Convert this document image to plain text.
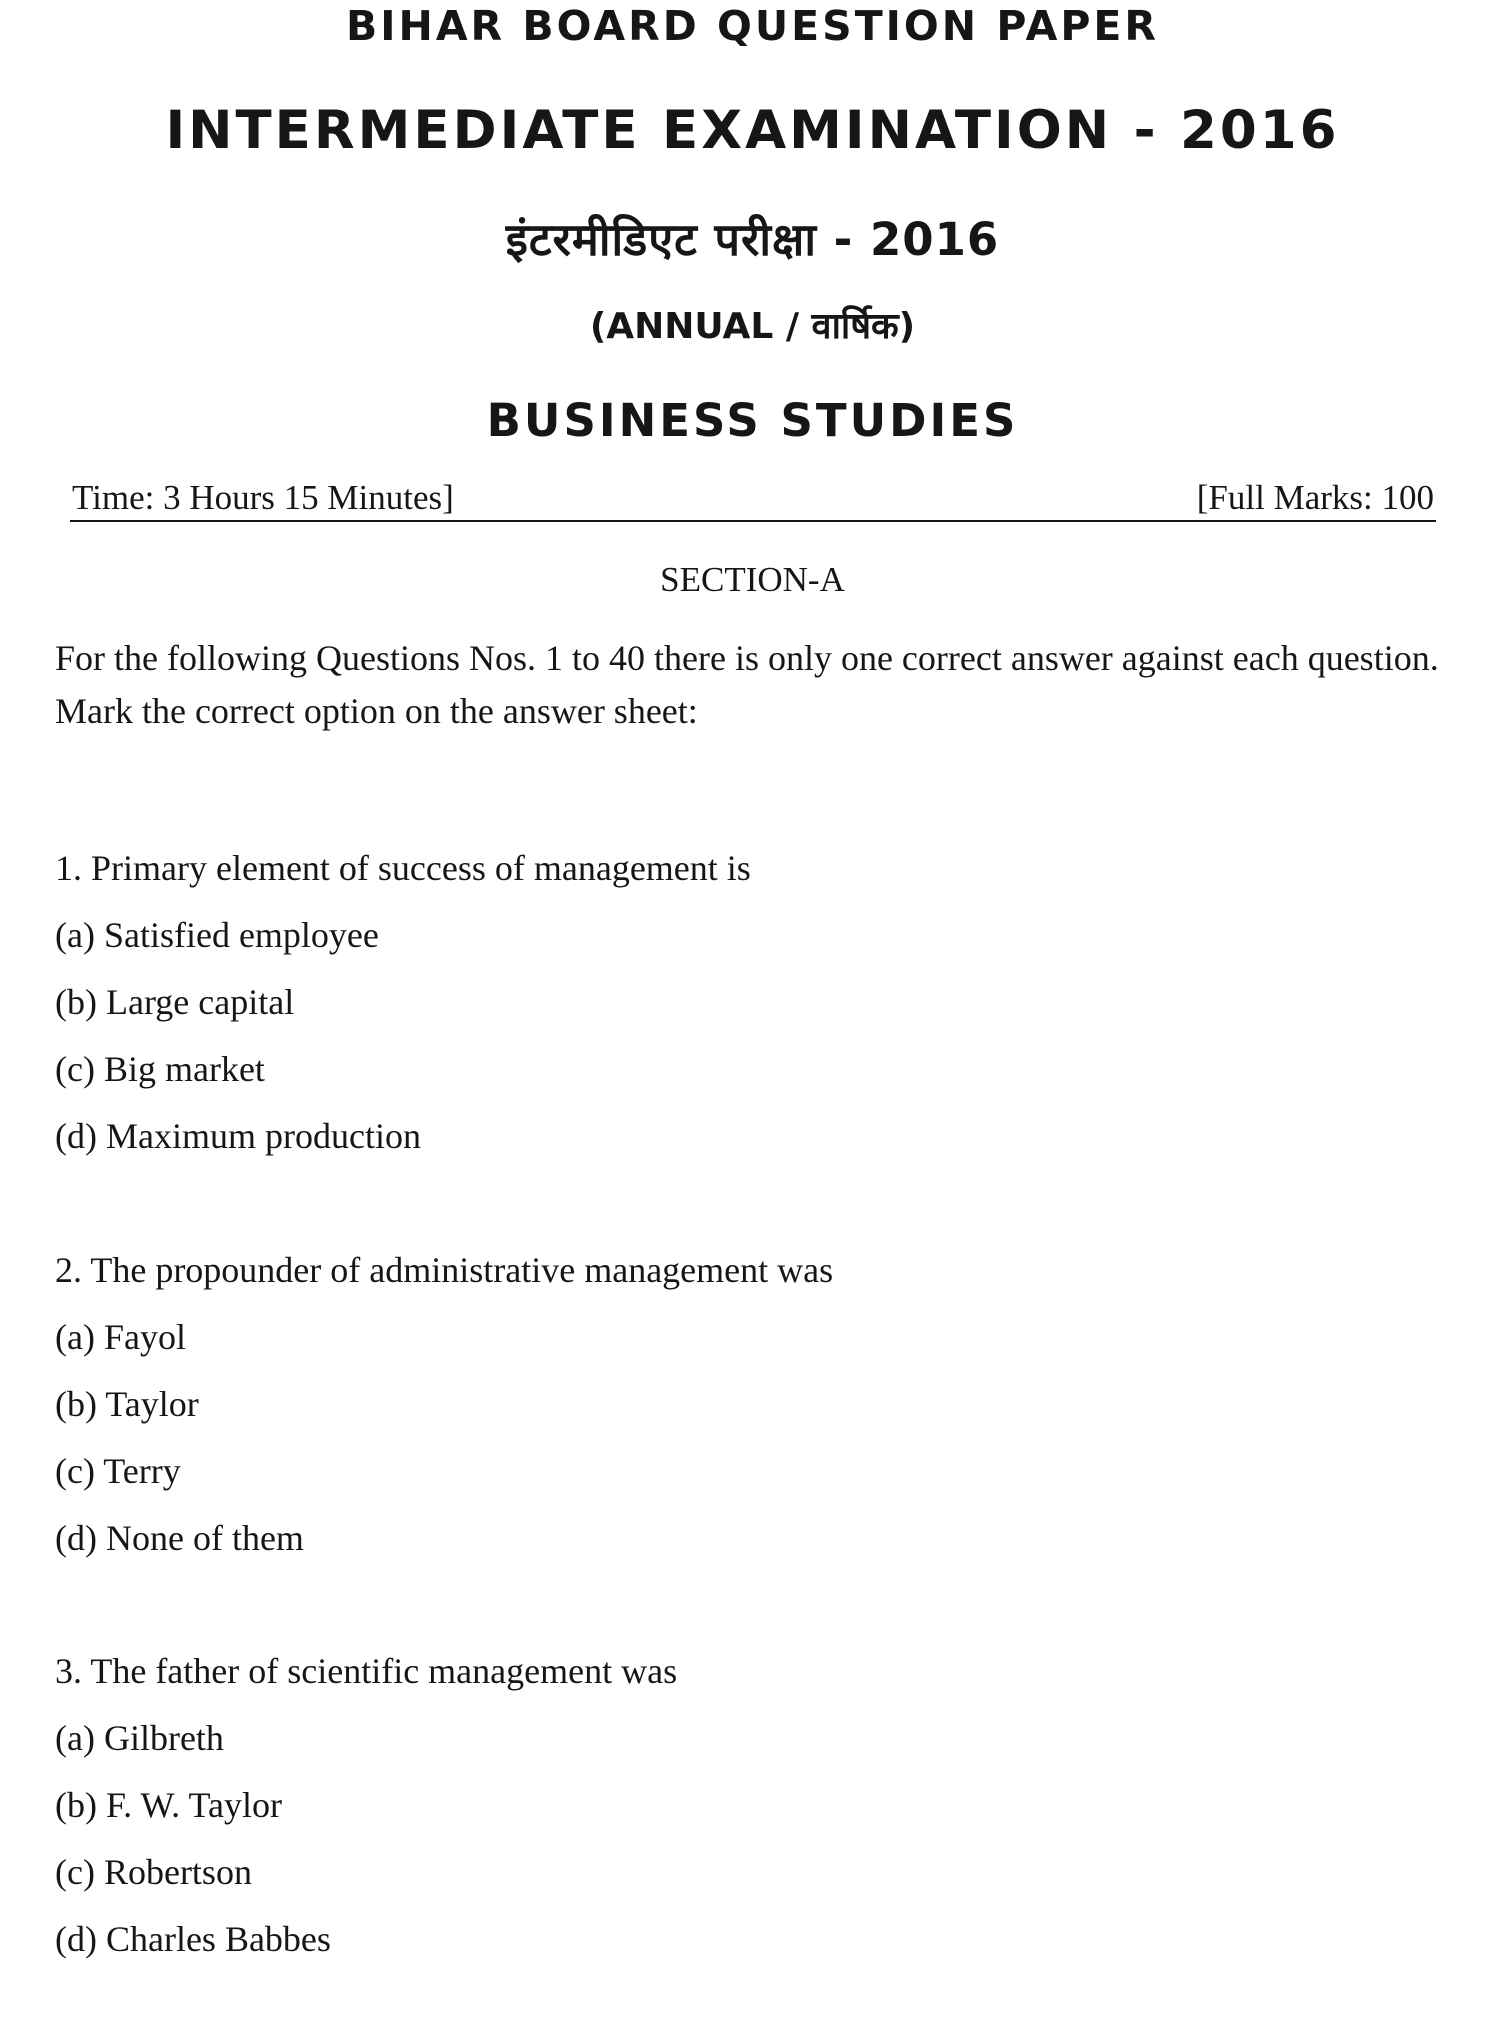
BIHAR BOARD QUESTION PAPER
INTERMEDIATE EXAMINATION - 2016
इंटरमीडिएट परीक्षा - 2016
(ANNUAL / वार्षिक)
BUSINESS STUDIES
Time: 3 Hours 15 Minutes]	[Full Marks: 100
SECTION-A
For the following Questions Nos. 1 to 40 there is only one correct answer against each question. Mark the correct option on the answer sheet:
1. Primary element of success of management is
(a) Satisfied employee
(b) Large capital
(c) Big market
(d) Maximum production
2. The propounder of administrative management was
(a) Fayol
(b) Taylor
(c) Terry
(d) None of them
3. The father of scientific management was
(a) Gilbreth
(b) F. W. Taylor
(c) Robertson
(d) Charles Babbes
